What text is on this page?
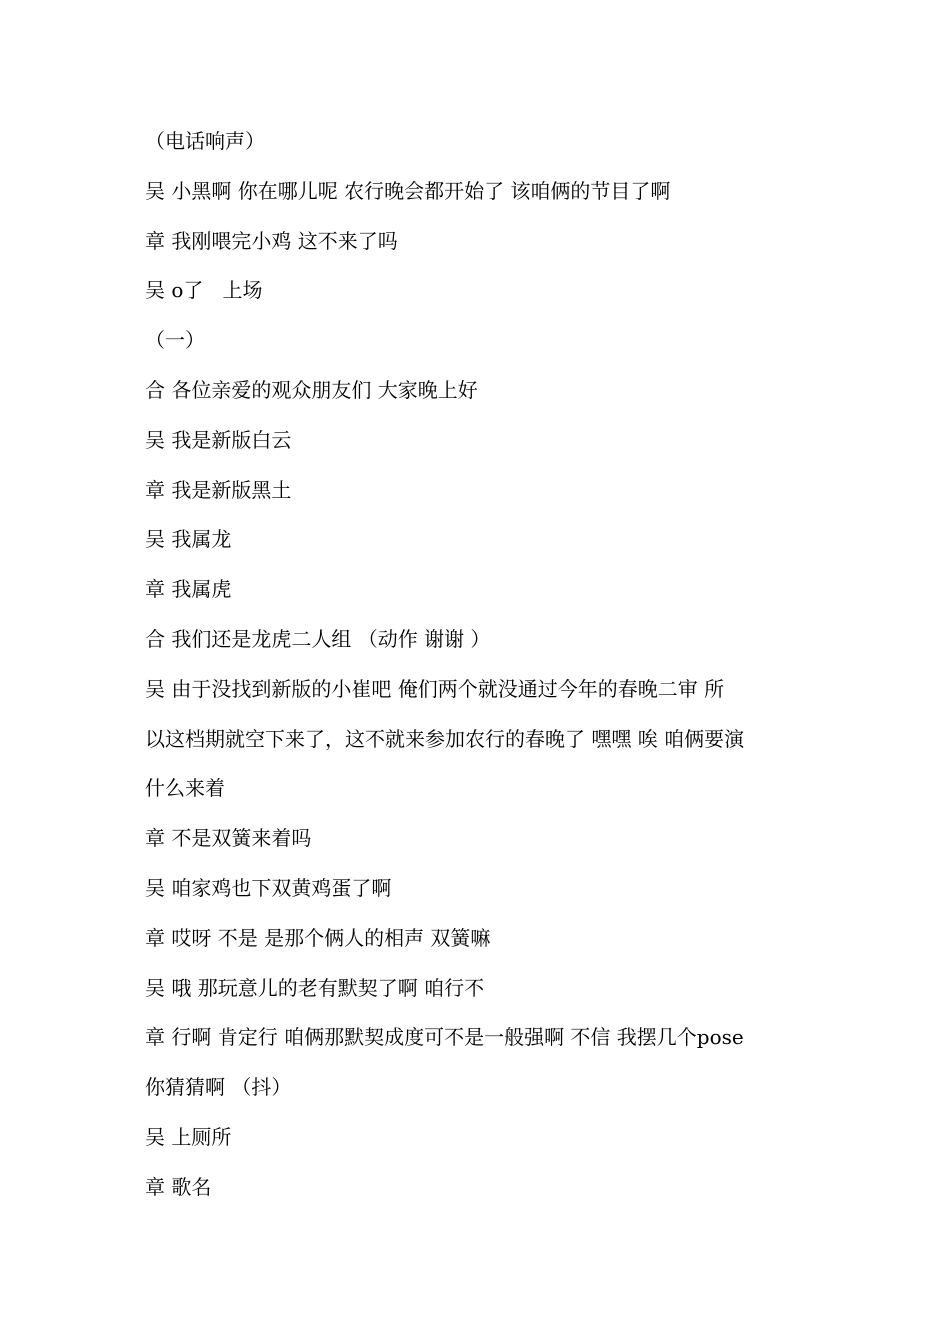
（电话响声）
吴 小黑啊 你在哪儿呢 农行晚会都开始了 该咱俩的节目了啊
章 我刚喂完小鸡 这不来了吗
吴 o了   上场
（一）
合 各位亲爱的观众朋友们 大家晚上好
吴 我是新版白云
章 我是新版黑土
吴 我属龙
章 我属虎
合 我们还是龙虎二人组 （动作 谢谢 ）
吴 由于没找到新版的小崔吧 俺们两个就没通过今年的春晚二审 所
以这档期就空下来了，这不就来参加农行的春晚了 嘿嘿 唉 咱俩要演
什么来着
章 不是双簧来着吗
吴 咱家鸡也下双黄鸡蛋了啊
章 哎呀 不是 是那个俩人的相声 双簧嘛
吴 哦 那玩意儿的老有默契了啊 咱行不
章 行啊 肯定行 咱俩那默契成度可不是一般强啊 不信 我摆几个pose
你猜猜啊 （抖）
吴 上厕所
章 歌名
